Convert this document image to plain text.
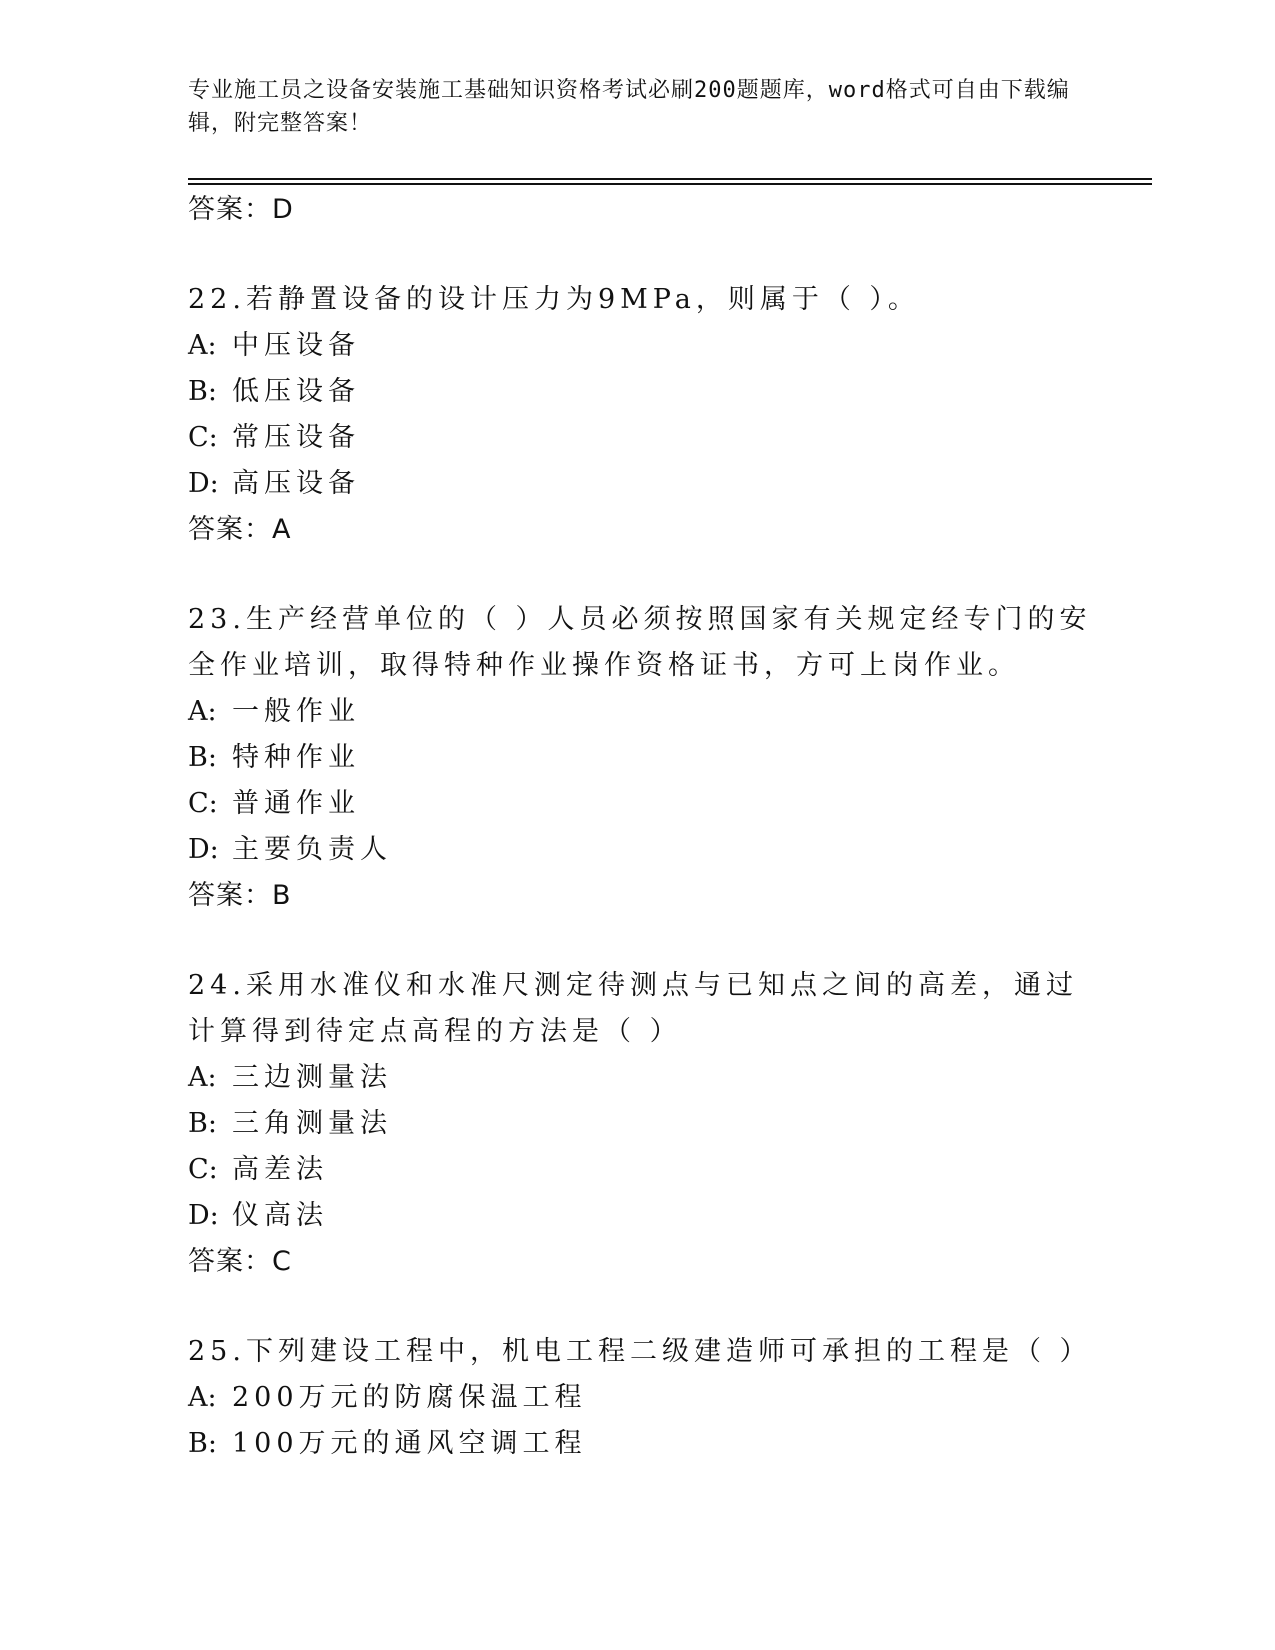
专业施工员之设备安装施工基础知识资格考试必刷200题题库，word格式可自由下载编辑，附完整答案！
答案：D
22.若静置设备的设计压力为9MPa，则属于（ ）。
A: 中压设备
B: 低压设备
C: 常压设备
D: 高压设备
答案：A
23.生产经营单位的（ ）人员必须按照国家有关规定经专门的安全作业培训，取得特种作业操作资格证书，方可上岗作业。
A: 一般作业
B: 特种作业
C: 普通作业
D: 主要负责人
答案：B
24.采用水准仪和水准尺测定待测点与已知点之间的高差，通过计算得到待定点高程的方法是（ ）
A: 三边测量法
B: 三角测量法
C: 高差法
D: 仪高法
答案：C
25.下列建设工程中，机电工程二级建造师可承担的工程是（ ）
A: 200万元的防腐保温工程
B: 100万元的通风空调工程
